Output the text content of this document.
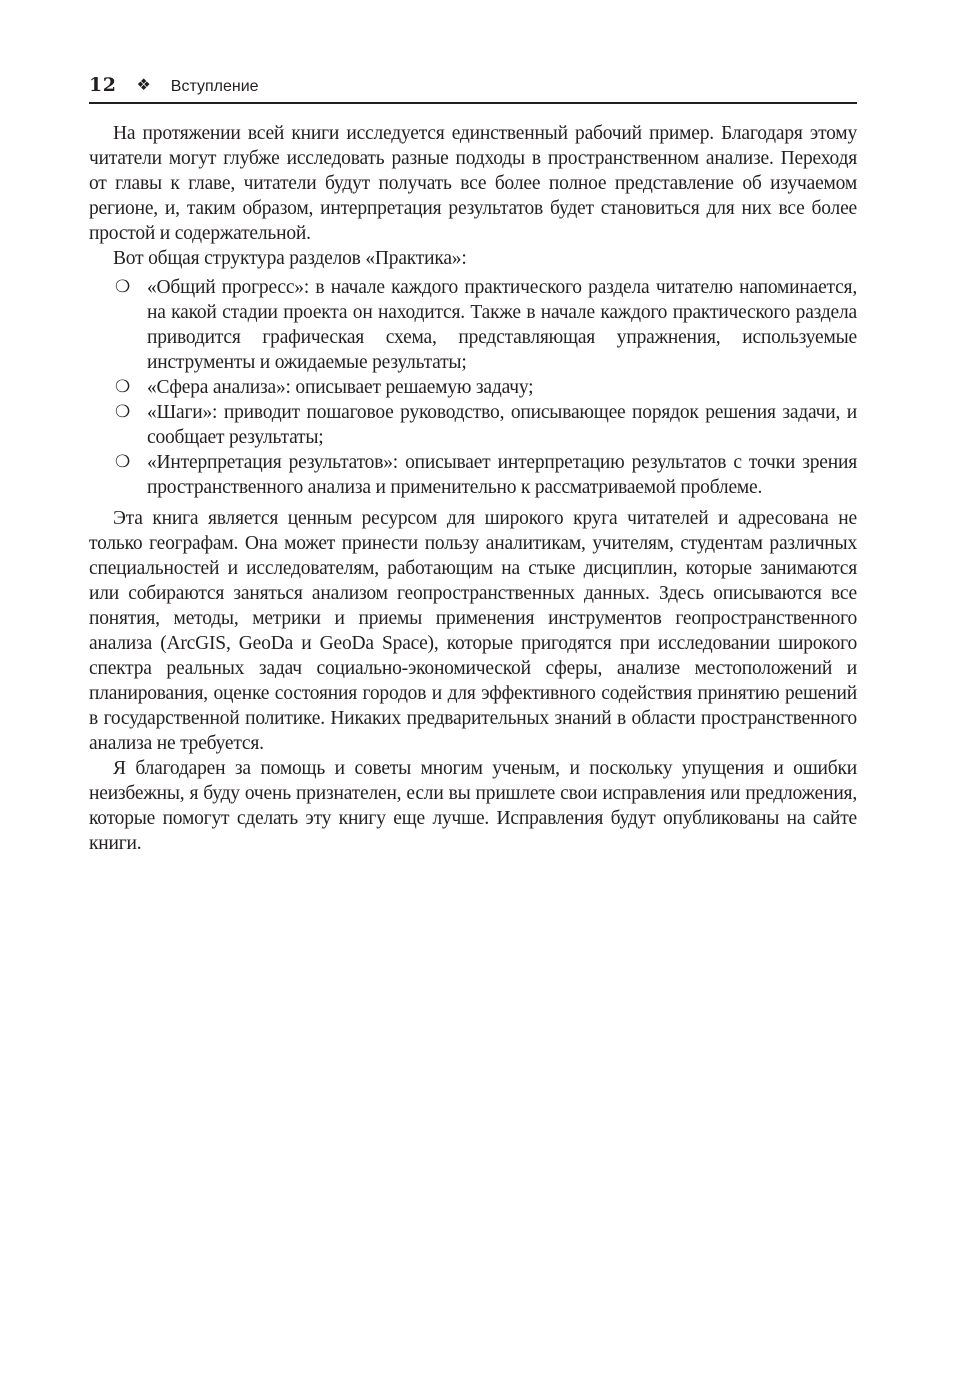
12 ❖ Вступление

На протяжении всей книги исследуется единственный рабочий пример. Благодаря этому читатели могут глубже исследовать разные подходы в пространственном анализе. Переходя от главы к главе, читатели будут получать все более полное представление об изучаемом регионе, и, таким образом, интерпретация результатов будет становиться для них все более простой и содержательной.

Вот общая структура разделов «Практика»:

❍ «Общий прогресс»: в начале каждого практического раздела читателю напоминается, на какой стадии проекта он находится. Также в начале каждого практического раздела приводится графическая схема, представляющая упражнения, используемые инструменты и ожидаемые результаты;
❍ «Сфера анализа»: описывает решаемую задачу;
❍ «Шаги»: приводит пошаговое руководство, описывающее порядок решения задачи, и сообщает результаты;
❍ «Интерпретация результатов»: описывает интерпретацию результатов с точки зрения пространственного анализа и применительно к рассматриваемой проблеме.

Эта книга является ценным ресурсом для широкого круга читателей и адресована не только географам. Она может принести пользу аналитикам, учителям, студентам различных специальностей и исследователям, работающим на стыке дисциплин, которые занимаются или собираются заняться анализом геопространственных данных. Здесь описываются все понятия, методы, метрики и приемы применения инструментов геопространственного анализа (ArcGIS, GeoDa и GeoDa Space), которые пригодятся при исследовании широкого спектра реальных задач социально-экономической сферы, анализе местоположений и планирования, оценке состояния городов и для эффективного содействия принятию решений в государственной политике. Никаких предварительных знаний в области пространственного анализа не требуется.

Я благодарен за помощь и советы многим ученым, и поскольку упущения и ошибки неизбежны, я буду очень признателен, если вы пришлете свои исправления или предложения, которые помогут сделать эту книгу еще лучше. Исправления будут опубликованы на сайте книги.
